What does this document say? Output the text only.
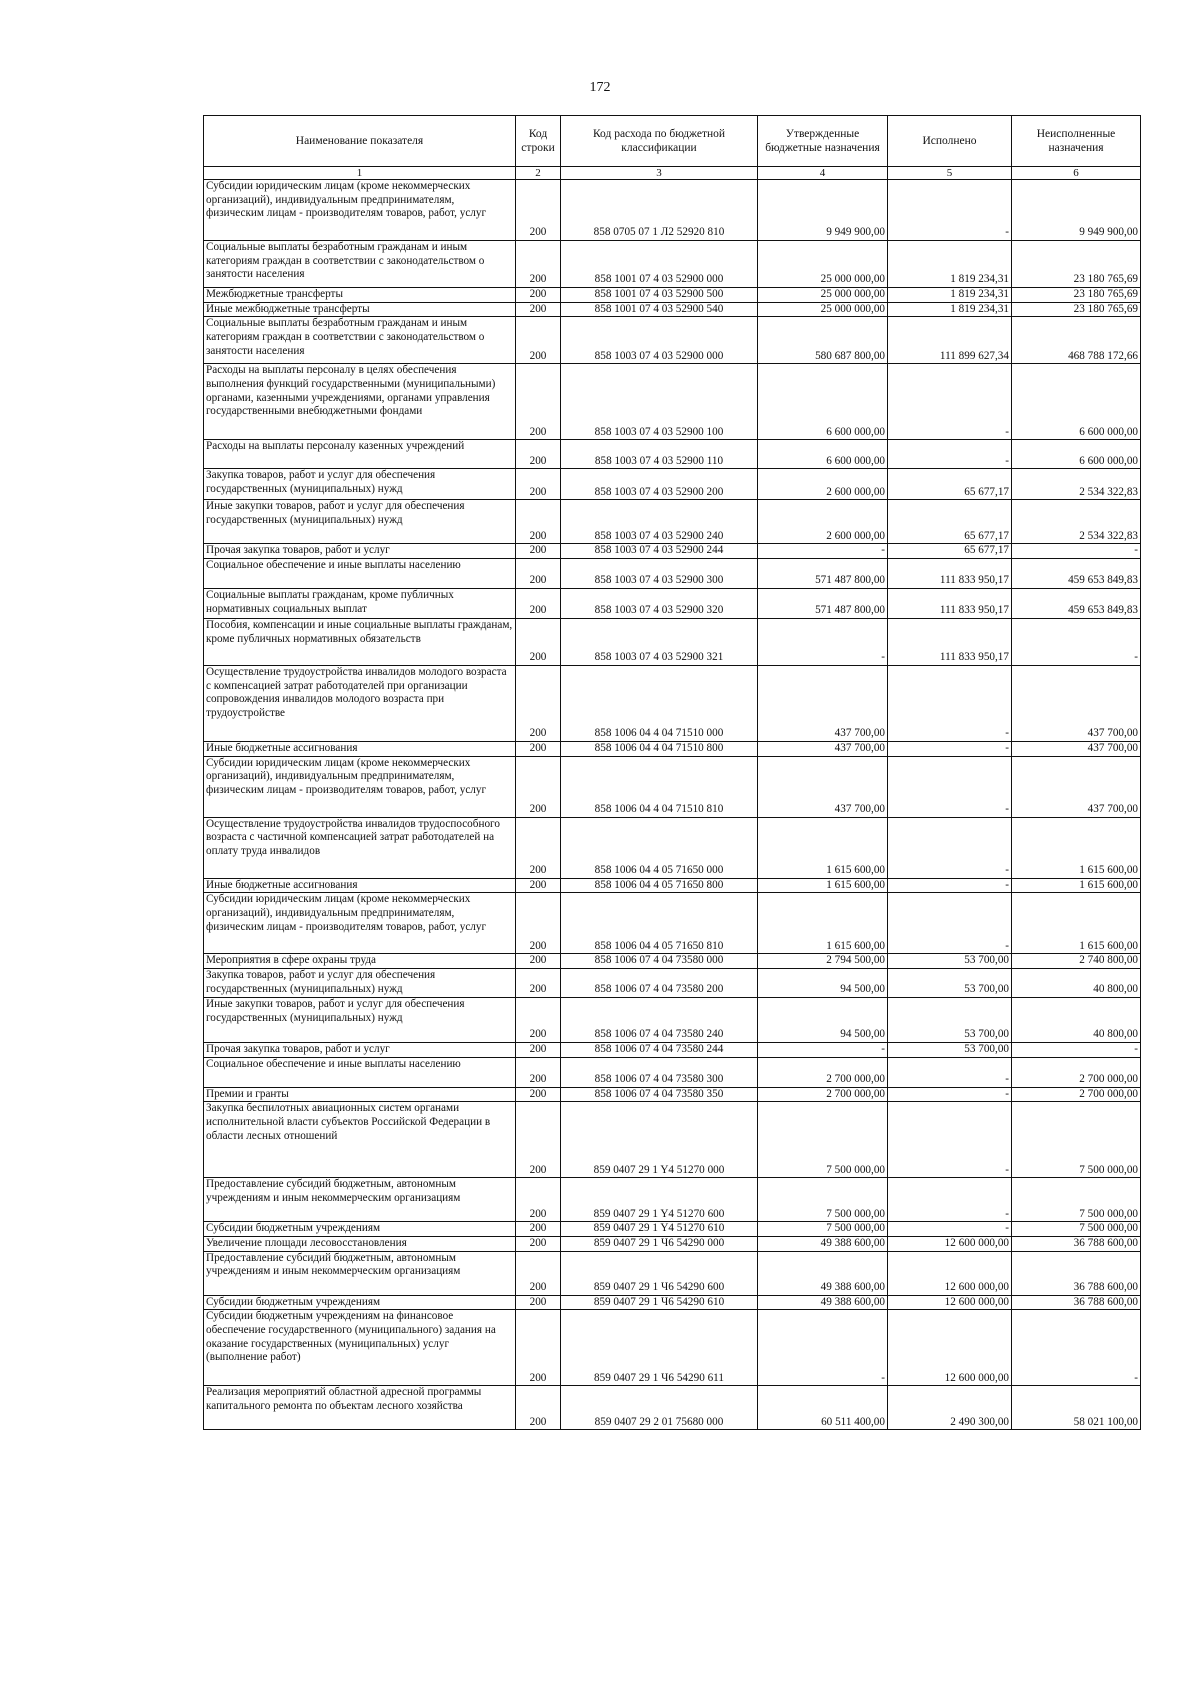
172
Наименование показателя	Код строки	Код расхода по бюджетной классификации	Утвержденные бюджетные назначения	Исполнено	Неисполненные назначения
1	2	3	4	5	6
Субсидии юридическим лицам (кроме некоммерческих организаций), индивидуальным предпринимателям, физическим лицам - производителям товаров, работ, услуг	200	858 0705 07 1 Л2 52920 810	9 949 900,00	-	9 949 900,00
Социальные выплаты безработным гражданам и иным категориям граждан в соответствии с законодательством о занятости населения	200	858 1001 07 4 03 52900 000	25 000 000,00	1 819 234,31	23 180 765,69
Межбюджетные трансферты	200	858 1001 07 4 03 52900 500	25 000 000,00	1 819 234,31	23 180 765,69
Иные межбюджетные трансферты	200	858 1001 07 4 03 52900 540	25 000 000,00	1 819 234,31	23 180 765,69
Социальные выплаты безработным гражданам и иным категориям граждан в соответствии с законодательством о занятости населения	200	858 1003 07 4 03 52900 000	580 687 800,00	111 899 627,34	468 788 172,66
Расходы на выплаты персоналу в целях обеспечения выполнения функций государственными (муниципальными) органами, казенными учреждениями, органами управления государственными внебюджетными фондами	200	858 1003 07 4 03 52900 100	6 600 000,00	-	6 600 000,00
Расходы на выплаты персоналу казенных учреждений	200	858 1003 07 4 03 52900 110	6 600 000,00	-	6 600 000,00
Закупка товаров, работ и услуг для обеспечения государственных (муниципальных) нужд	200	858 1003 07 4 03 52900 200	2 600 000,00	65 677,17	2 534 322,83
Иные закупки товаров, работ и услуг для обеспечения государственных (муниципальных) нужд	200	858 1003 07 4 03 52900 240	2 600 000,00	65 677,17	2 534 322,83
Прочая закупка товаров, работ и услуг	200	858 1003 07 4 03 52900 244	-	65 677,17	-
Социальное обеспечение и иные выплаты населению	200	858 1003 07 4 03 52900 300	571 487 800,00	111 833 950,17	459 653 849,83
Социальные выплаты гражданам, кроме публичных нормативных социальных выплат	200	858 1003 07 4 03 52900 320	571 487 800,00	111 833 950,17	459 653 849,83
Пособия, компенсации и иные социальные выплаты гражданам, кроме публичных нормативных обязательств	200	858 1003 07 4 03 52900 321	-	111 833 950,17	-
Осуществление трудоустройства инвалидов молодого возраста с компенсацией затрат работодателей при организации сопровождения инвалидов молодого возраста при трудоустройстве	200	858 1006 04 4 04 71510 000	437 700,00	-	437 700,00
Иные бюджетные ассигнования	200	858 1006 04 4 04 71510 800	437 700,00	-	437 700,00
Субсидии юридическим лицам (кроме некоммерческих организаций), индивидуальным предпринимателям, физическим лицам - производителям товаров, работ, услуг	200	858 1006 04 4 04 71510 810	437 700,00	-	437 700,00
Осуществление трудоустройства инвалидов трудоспособного возраста с частичной компенсацией затрат работодателей на оплату труда инвалидов	200	858 1006 04 4 05 71650 000	1 615 600,00	-	1 615 600,00
Иные бюджетные ассигнования	200	858 1006 04 4 05 71650 800	1 615 600,00	-	1 615 600,00
Субсидии юридическим лицам (кроме некоммерческих организаций), индивидуальным предпринимателям, физическим лицам - производителям товаров, работ, услуг	200	858 1006 04 4 05 71650 810	1 615 600,00	-	1 615 600,00
Мероприятия в сфере охраны труда	200	858 1006 07 4 04 73580 000	2 794 500,00	53 700,00	2 740 800,00
Закупка товаров, работ и услуг для обеспечения государственных (муниципальных) нужд	200	858 1006 07 4 04 73580 200	94 500,00	53 700,00	40 800,00
Иные закупки товаров, работ и услуг для обеспечения государственных (муниципальных) нужд	200	858 1006 07 4 04 73580 240	94 500,00	53 700,00	40 800,00
Прочая закупка товаров, работ и услуг	200	858 1006 07 4 04 73580 244	-	53 700,00	-
Социальное обеспечение и иные выплаты населению	200	858 1006 07 4 04 73580 300	2 700 000,00	-	2 700 000,00
Премии и гранты	200	858 1006 07 4 04 73580 350	2 700 000,00	-	2 700 000,00
Закупка беспилотных авиационных систем органами исполнительной власти субъектов Российской Федерации в области лесных отношений	200	859 0407 29 1 Y4 51270 000	7 500 000,00	-	7 500 000,00
Предоставление субсидий бюджетным, автономным учреждениям и иным некоммерческим организациям	200	859 0407 29 1 Y4 51270 600	7 500 000,00	-	7 500 000,00
Субсидии бюджетным учреждениям	200	859 0407 29 1 Y4 51270 610	7 500 000,00	-	7 500 000,00
Увеличение площади лесовосстановления	200	859 0407 29 1 Ч6 54290 000	49 388 600,00	12 600 000,00	36 788 600,00
Предоставление субсидий бюджетным, автономным учреждениям и иным некоммерческим организациям	200	859 0407 29 1 Ч6 54290 600	49 388 600,00	12 600 000,00	36 788 600,00
Субсидии бюджетным учреждениям	200	859 0407 29 1 Ч6 54290 610	49 388 600,00	12 600 000,00	36 788 600,00
Субсидии бюджетным учреждениям на финансовое обеспечение государственного (муниципального) задания на оказание государственных (муниципальных) услуг (выполнение работ)	200	859 0407 29 1 Ч6 54290 611	-	12 600 000,00	-
Реализация мероприятий областной адресной программы капитального ремонта по объектам лесного хозяйства	200	859 0407 29 2 01 75680 000	60 511 400,00	2 490 300,00	58 021 100,00
